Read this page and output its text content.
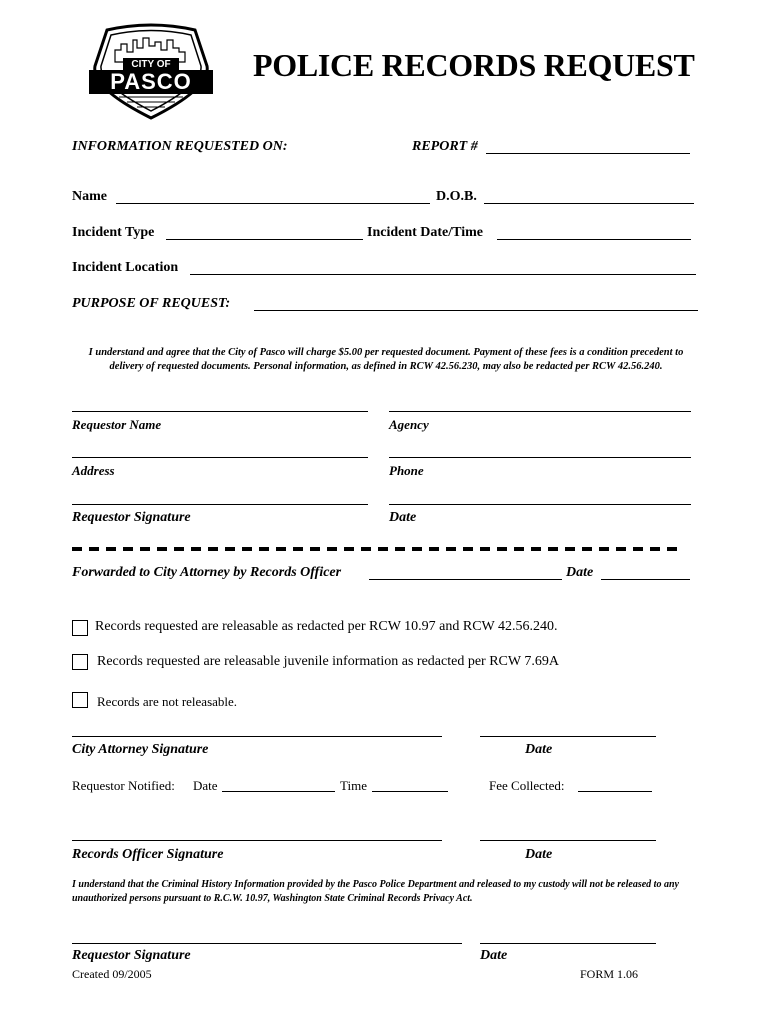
CITY OF
PASCO	POLICE RECORDS REQUEST
INFORMATION REQUESTED ON:	REPORT #
Name	D.O.B.
Incident Type	Incident Date/Time
Incident Location
PURPOSE OF REQUEST:
I understand and agree that the City of Pasco will charge $5.00 per requested document. Payment of these fees is a condition precedent to delivery of requested documents. Personal information, as defined in RCW 42.56.230, may also be redacted per RCW 42.56.240.
Requestor Name	Agency
Address	Phone
Requestor Signature	Date
Forwarded to City Attorney by Records Officer	Date
Records requested are releasable as redacted per RCW 10.97 and RCW 42.56.240.
Records requested are releasable juvenile information as redacted per RCW 7.69A
Records are not releasable.
City Attorney Signature	Date
Requestor Notified: Date	Time	Fee Collected:
Records Officer Signature	Date
I understand that the Criminal History Information provided by the Pasco Police Department and released to my custody will not be released to any unauthorized persons pursuant to R.C.W. 10.97, Washington State Criminal Records Privacy Act.
Requestor Signature	Date
Created 09/2005	FORM 1.06
